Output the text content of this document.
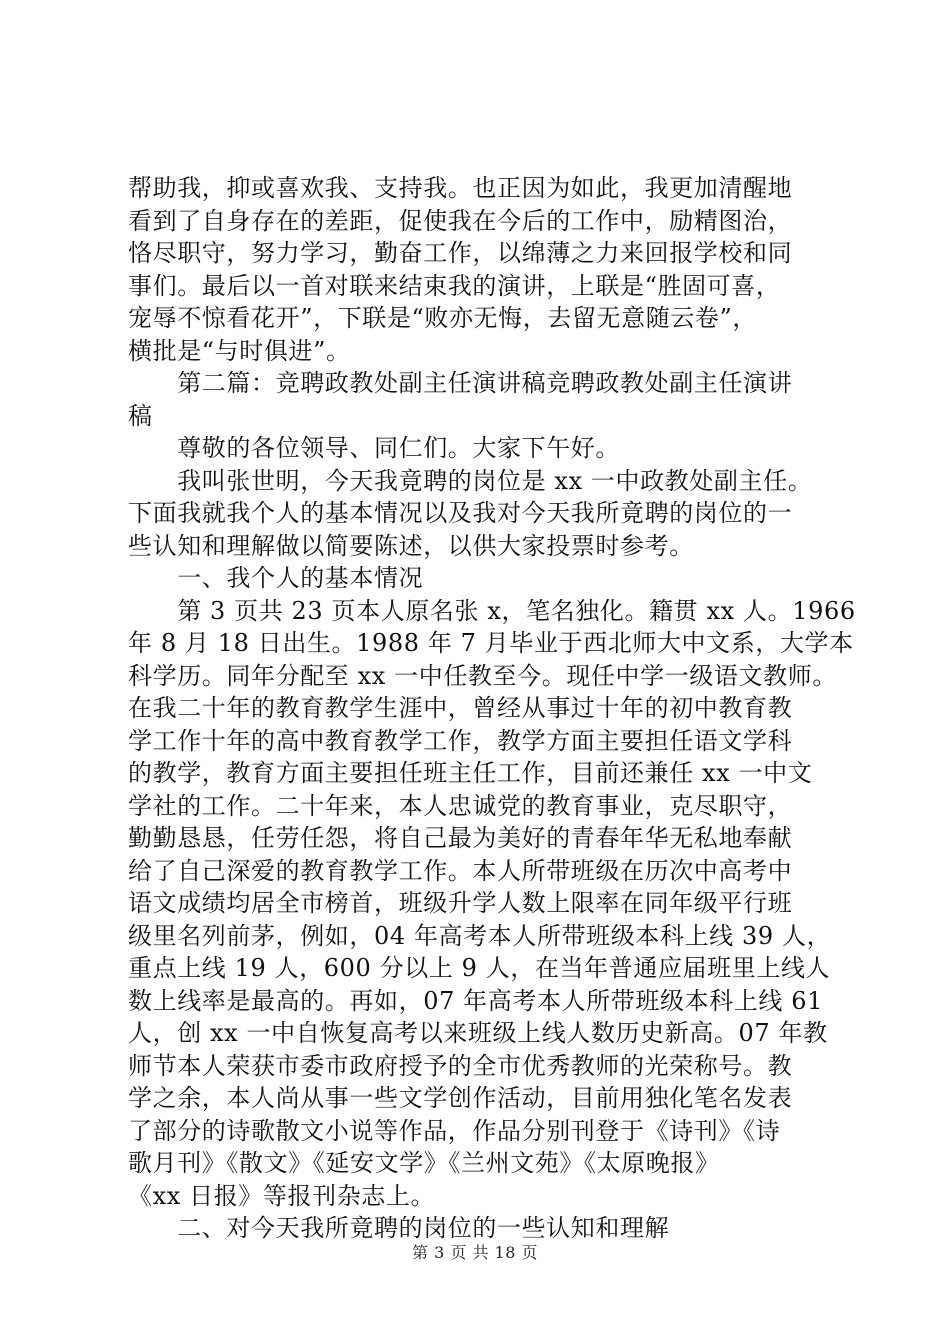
帮助我，抑或喜欢我、支持我。也正因为如此，我更加清醒地
看到了自身存在的差距，促使我在今后的工作中，励精图治，
恪尽职守，努力学习，勤奋工作，以绵薄之力来回报学校和同
事们。最后以一首对联来结束我的演讲，上联是“胜固可喜，
宠辱不惊看花开”，下联是“败亦无悔，去留无意随云卷”，
横批是“与时俱进”。
　　第二篇：竞聘政教处副主任演讲稿竞聘政教处副主任演讲
稿
　　尊敬的各位领导、同仁们。大家下午好。
　　我叫张世明，今天我竟聘的岗位是 xx 一中政教处副主任。
下面我就我个人的基本情况以及我对今天我所竟聘的岗位的一
些认知和理解做以简要陈述，以供大家投票时参考。
　　一、我个人的基本情况
　　第 3 页共 23 页本人原名张 x，笔名独化。籍贯 xx 人。1966
年 8 月 18 日出生。1988 年 7 月毕业于西北师大中文系，大学本
科学历。同年分配至 xx 一中任教至今。现任中学一级语文教师。
在我二十年的教育教学生涯中，曾经从事过十年的初中教育教
学工作十年的高中教育教学工作，教学方面主要担任语文学科
的教学，教育方面主要担任班主任工作，目前还兼任 xx 一中文
学社的工作。二十年来，本人忠诚党的教育事业，克尽职守，
勤勤恳恳，任劳任怨，将自己最为美好的青春年华无私地奉献
给了自己深爱的教育教学工作。本人所带班级在历次中高考中
语文成绩均居全市榜首，班级升学人数上限率在同年级平行班
级里名列前茅，例如，04 年高考本人所带班级本科上线 39 人，
重点上线 19 人，600 分以上 9 人，在当年普通应届班里上线人
数上线率是最高的。再如，07 年高考本人所带班级本科上线 61
人，创 xx 一中自恢复高考以来班级上线人数历史新高。07 年教
师节本人荣获市委市政府授予的全市优秀教师的光荣称号。教
学之余，本人尚从事一些文学创作活动，目前用独化笔名发表
了部分的诗歌散文小说等作品，作品分别刊登于《诗刊》《诗
歌月刊》《散文》《延安文学》《兰州文苑》《太原晚报》
《xx 日报》等报刊杂志上。
　　二、对今天我所竟聘的岗位的一些认知和理解
第 3 页 共 18 页
